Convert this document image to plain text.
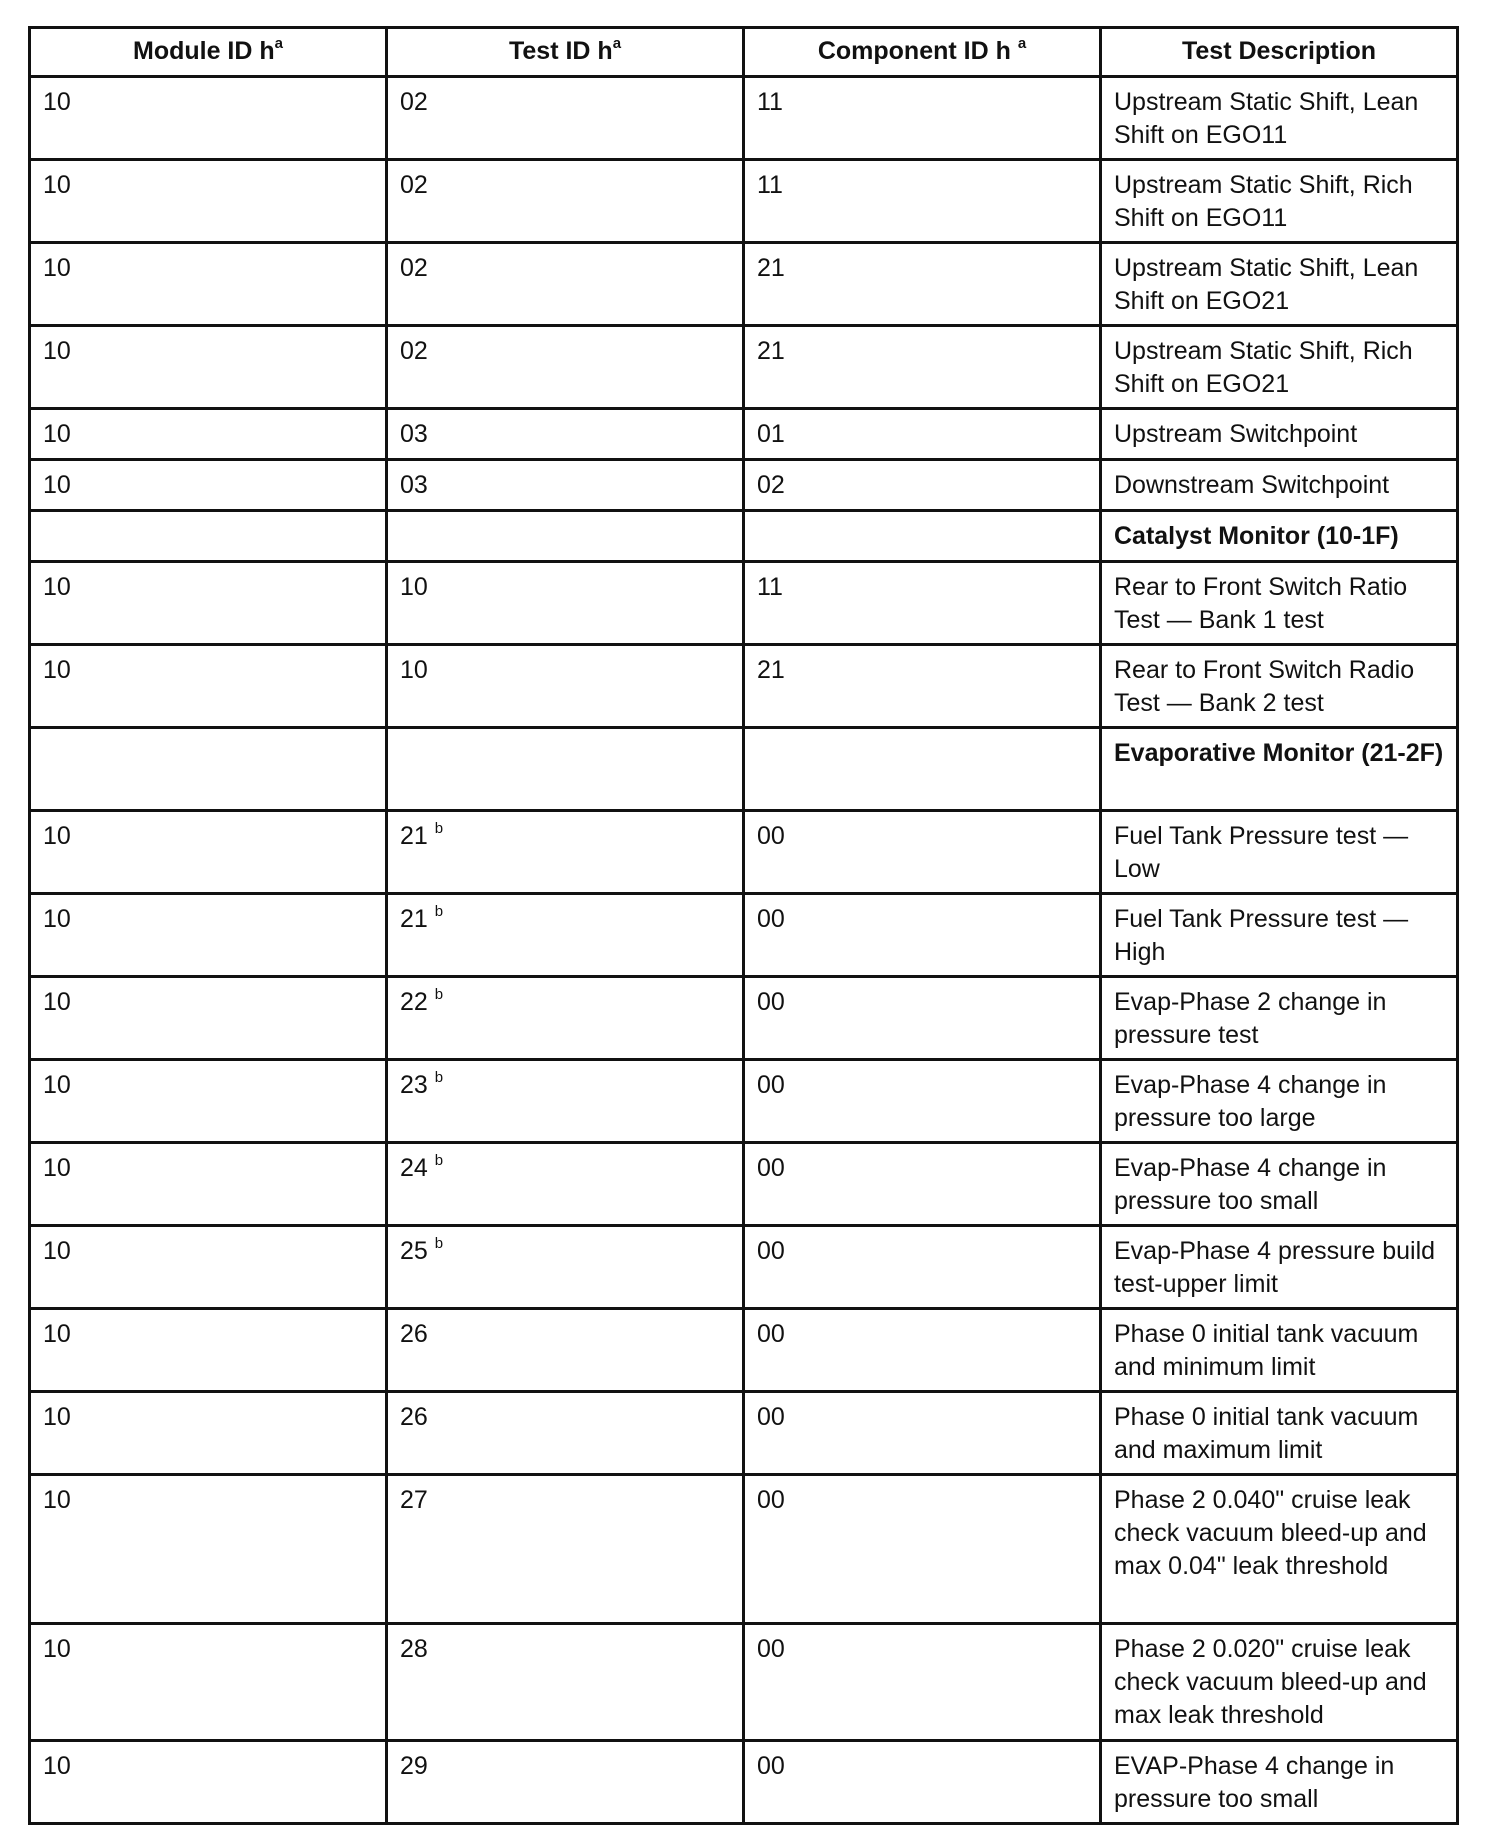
Module ID $h^a$	Test ID $h^a$	Component ID h $^a$	Test Description
10	02	11	Upstream Static Shift, Lean Shift on EGO11
10	02	11	Upstream Static Shift, Rich Shift on EGO11
10	02	21	Upstream Static Shift, Lean Shift on EGO21
10	02	21	Upstream Static Shift, Rich Shift on EGO21
10	03	01	Upstream Switchpoint
10	03	02	Downstream Switchpoint
			Catalyst Monitor (10-1F)
10	10	11	Rear to Front Switch Ratio Test — Bank 1 test
10	10	21	Rear to Front Switch Radio Test — Bank 2 test
			Evaporative Monitor (21-2F)
10	21 $^b$	00	Fuel Tank Pressure test — Low
10	21 $^b$	00	Fuel Tank Pressure test — High
10	22 $^b$	00	Evap-Phase 2 change in pressure test
10	23 $^b$	00	Evap-Phase 4 change in pressure too large
10	24 $^b$	00	Evap-Phase 4 change in pressure too small
10	25 $^b$	00	Evap-Phase 4 pressure build test-upper limit
10	26	00	Phase 0 initial tank vacuum and minimum limit
10	26	00	Phase 0 initial tank vacuum and maximum limit
10	27	00	Phase 2 0.040" cruise leak check vacuum bleed-up and max 0.04" leak threshold
10	28	00	Phase 2 0.020" cruise leak check vacuum bleed-up and max leak threshold
10	29	00	EVAP-Phase 4 change in pressure too small
